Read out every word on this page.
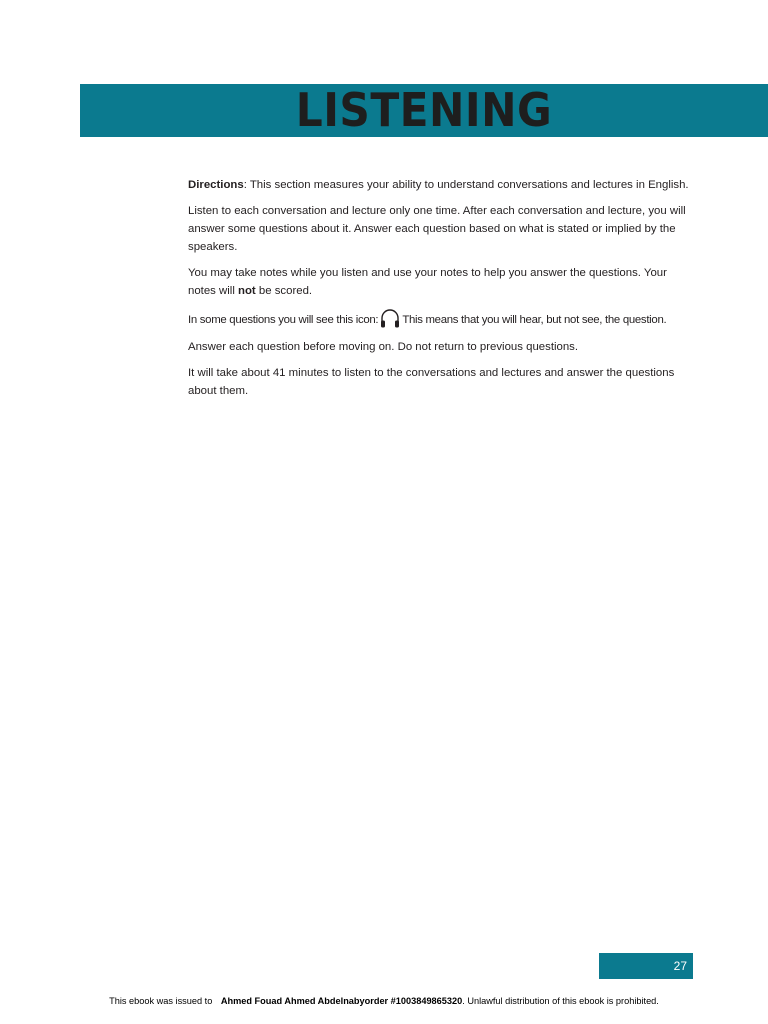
LISTENING

Directions: This section measures your ability to understand conversations and lectures in English.

Listen to each conversation and lecture only one time. After each conversation and lecture, you will answer some questions about it. Answer each question based on what is stated or implied by the speakers.

You may take notes while you listen and use your notes to help you answer the questions. Your notes will not be scored.

In some questions you will see this icon: This means that you will hear, but not see, the question.

Answer each question before moving on. Do not return to previous questions.

It will take about 41 minutes to listen to the conversations and lectures and answer the questions about them.

27
This ebook was issued to Ahmed Fouad Ahmed Abdelnabyorder #1003849865320. Unlawful distribution of this ebook is prohibited.
